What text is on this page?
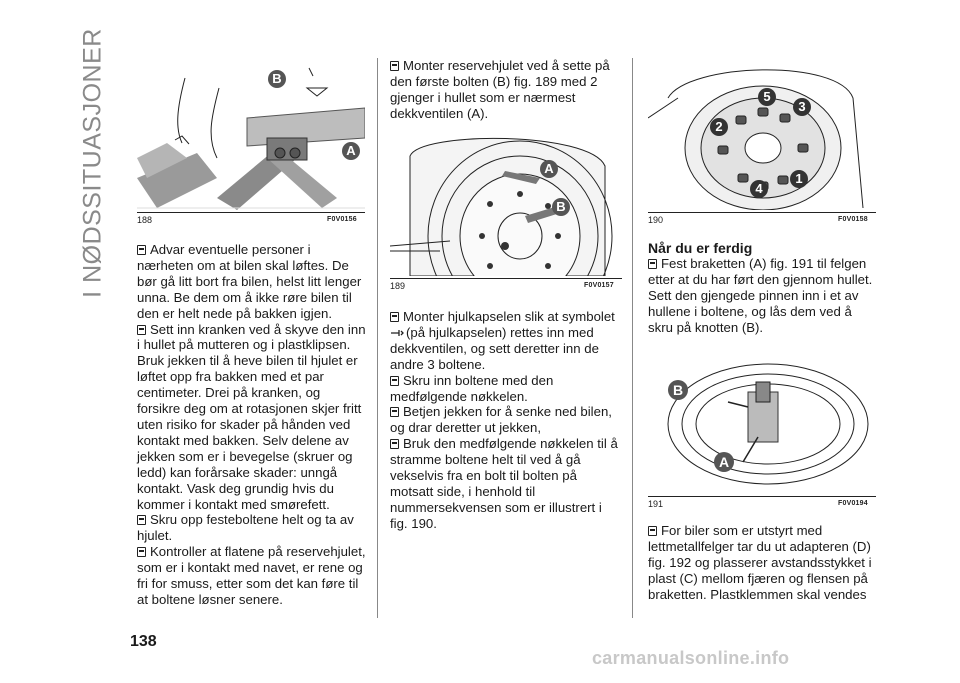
I NØDSSITUASJONER	B
A
188	F0V0156

Advar eventuelle personer i nærheten om at bilen skal løftes. De bør gå litt bort fra bilen, helst litt lenger unna. Be dem om å ikke røre bilen til den er helt nede på bakken igjen.

Sett inn kranken ved å skyve den inn i hullet på mutteren og i plastklipsen. Bruk jekken til å heve bilen til hjulet er løftet opp fra bakken med et par centimeter. Drei på kranken, og forsikre deg om at rotasjonen skjer fritt uten risiko for skader på hånden ved kontakt med bakken. Selv delene av jekken som er i bevegelse (skruer og ledd) kan forårsake skader: unngå kontakt. Vask deg grundig hvis du kommer i kontakt med smørefett.

Skru opp festeboltene helt og ta av hjulet.

Kontroller at flatene på reservehjulet, som er i kontakt med navet, er rene og fri for smuss, etter som det kan føre til at boltene løsner senere.

Monter reservehjulet ved å sette på den første bolten (B) fig. 189 med 2 gjenger i hullet som er nærmest dekkventilen (A).

A
B
189	F0V0157

Monter hjulkapselen slik at symbolet
(på hjulkapselen) rettes inn med dekkventilen, og sett deretter inn de andre 3 boltene.

Skru inn boltene med den medfølgende nøkkelen.

Betjen jekken for å senke ned bilen, og drar deretter ut jekken,

Bruk den medfølgende nøkkelen til å stramme boltene helt til ved å gå vekselvis fra en bolt til bolten på motsatt side, i henhold til nummersekvensen som er illustrert i fig. 190.

5
3
2
4
1
190	F0V0158
Når du er ferdig

Fest braketten (A) fig. 191 til felgen etter at du har ført den gjennom hullet. Sett den gjengede pinnen inn i et av hullene i boltene, og lås dem ved å skru på knotten (B).

B
A
191	F0V0194

For biler som er utstyrt med lettmetallfelger tar du ut adapteren (D) fig. 192 og plasserer avstandsstykket i plast (C) mellom fjæren og flensen på braketten. Plastklemmen skal vendes

138
carmanualsonline.info
